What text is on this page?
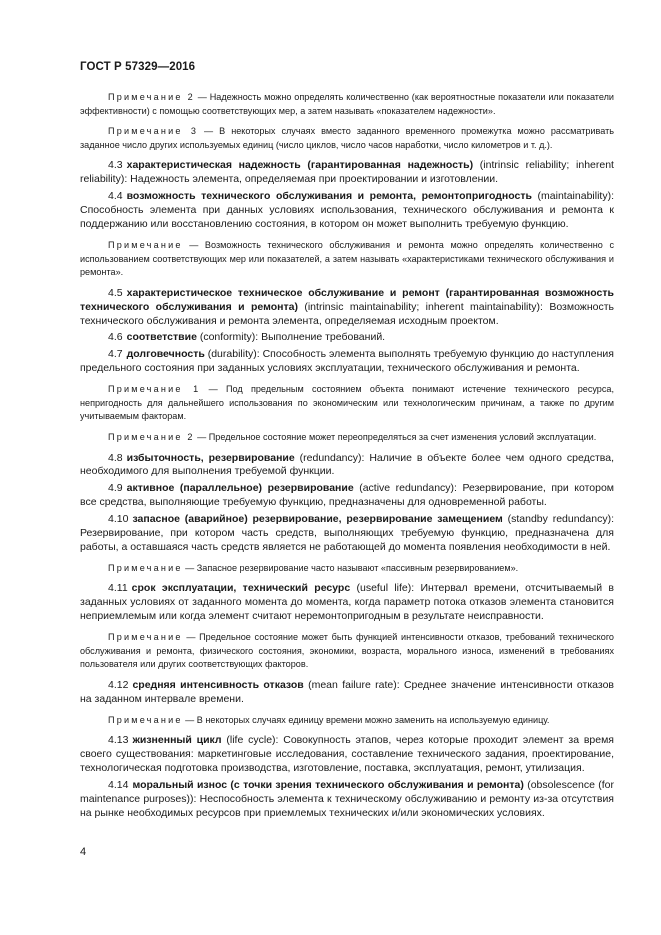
ГОСТ Р 57329—2016

Примечание 2 — Надежность можно определять количественно (как вероятностные показатели или показатели эффективности) с помощью соответствующих мер, а затем называть «показателем надежности».

Примечание 3 — В некоторых случаях вместо заданного временного промежутка можно рассматривать заданное число других используемых единиц (число циклов, число часов наработки, число километров и т. д.).

4.3 характеристическая надежность (гарантированная надежность) (intrinsic reliability; inherent reliability): Надежность элемента, определяемая при проектировании и изготовлении.

4.4 возможность технического обслуживания и ремонта, ремонтопригодность (maintainability): Способность элемента при данных условиях использования, технического обслуживания и ремонта к поддержанию или восстановлению состояния, в котором он может выполнить требуемую функцию.

Примечание — Возможность технического обслуживания и ремонта можно определять количественно с использованием соответствующих мер или показателей, а затем называть «характеристиками технического обслуживания и ремонта».

4.5 характеристическое техническое обслуживание и ремонт (гарантированная возможность технического обслуживания и ремонта) (intrinsic maintainability; inherent maintainability): Возможность технического обслуживания и ремонта элемента, определяемая исходным проектом.

4.6 соответствие (conformity): Выполнение требований.

4.7 долговечность (durability): Способность элемента выполнять требуемую функцию до наступления предельного состояния при заданных условиях эксплуатации, технического обслуживания и ремонта.

Примечание 1 — Под предельным состоянием объекта понимают истечение технического ресурса, непригодность для дальнейшего использования по экономическим или технологическим причинам, а также по другим учитываемым факторам.

Примечание 2 — Предельное состояние может переопределяться за счет изменения условий эксплуатации.

4.8 избыточность, резервирование (redundancy): Наличие в объекте более чем одного средства, необходимого для выполнения требуемой функции.

4.9 активное (параллельное) резервирование (active redundancy): Резервирование, при котором все средства, выполняющие требуемую функцию, предназначены для одновременной работы.

4.10 запасное (аварийное) резервирование, резервирование замещением (standby redundancy): Резервирование, при котором часть средств, выполняющих требуемую функцию, предназначена для работы, а оставшаяся часть средств является не работающей до момента появления необходимости в ней.

Примечание — Запасное резервирование часто называют «пассивным резервированием».

4.11 срок эксплуатации, технический ресурс (useful life): Интервал времени, отсчитываемый в заданных условиях от заданного момента до момента, когда параметр потока отказов элемента становится неприемлемым или когда элемент считают неремонтопригодным в результате неисправности.

Примечание — Предельное состояние может быть функцией интенсивности отказов, требований технического обслуживания и ремонта, физического состояния, экономики, возраста, морального износа, изменений в требованиях пользователя или других соответствующих факторов.

4.12 средняя интенсивность отказов (mean failure rate): Среднее значение интенсивности отказов на заданном интервале времени.

Примечание — В некоторых случаях единицу времени можно заменить на используемую единицу.

4.13 жизненный цикл (life cycle): Совокупность этапов, через которые проходит элемент за время своего существования: маркетинговые исследования, составление технического задания, проектирование, технологическая подготовка производства, изготовление, поставка, эксплуатация, ремонт, утилизация.

4.14 моральный износ (с точки зрения технического обслуживания и ремонта) (obsolescence (for maintenance purposes)): Неспособность элемента к техническому обслуживанию и ремонту из-за отсутствия на рынке необходимых ресурсов при приемлемых технических и/или экономических условиях.

4
